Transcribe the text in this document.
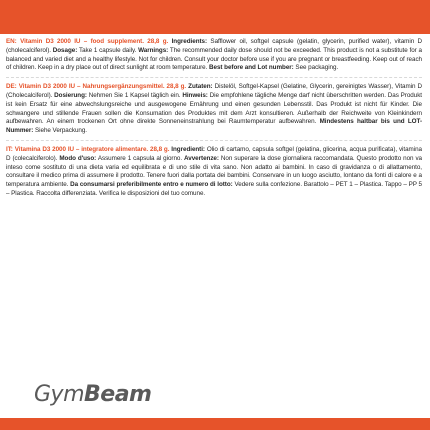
EN: Vitamin D3 2000 IU – food supplement. 28,8 g. Ingredients: Safflower oil, softgel capsule (gelatin, glycerin, purified water), vitamin D (cholecalciferol). Dosage: Take 1 capsule daily. Warnings: The recommended daily dose should not be exceeded. This product is not a substitute for a balanced and varied diet and a healthy lifestyle. Not for children. Consult your doctor before use if you are pregnant or breastfeeding. Keep out of reach of children. Keep in a dry place out of direct sunlight at room temperature. Best before and Lot number: See packaging.
DE: Vitamin D3 2000 IU – Nahrungsergänzungsmittel. 28,8 g. Zutaten: Distelöl, Softgel-Kapsel (Gelatine, Glycerin, gereinigtes Wasser), Vitamin D (Cholecalciferol). Dosierung: Nehmen Sie 1 Kapsel täglich ein. Hinweis: Die empfohlene tägliche Menge darf nicht überschritten werden. Das Produkt ist kein Ersatz für eine abwechslungsreiche und ausgewogene Ernährung und einen gesunden Lebensstil. Das Produkt ist nicht für Kinder. Die schwangere und stillende Frauen sollen die Konsumation des Produktes mit dem Arzt konsultieren. Außerhalb der Reichweite von Kleinkindern aufbewahren. An einem trockenen Ort ohne direkte Sonneneinstrahlung bei Raumtemperatur aufbewahren. Mindestens haltbar bis und LOT-Nummer: Siehe Verpackung.
IT: Vitamina D3 2000 IU – integratore alimentare. 28,8 g. Ingredienti: Olio di cartamo, capsula softgel (gelatina, glicerina, acqua purificata), vitamina D (colecalciferolo). Modo d'uso: Assumere 1 capsula al giorno. Avvertenze: Non superare la dose giornaliera raccomandata. Questo prodotto non va inteso come sostituto di una dieta varia ed equilibrata e di uno stile di vita sano. Non adatto ai bambini. In caso di gravidanza o di allattamento, consultare il medico prima di assumere il prodotto. Tenere fuori dalla portata dei bambini. Conservare in un luogo asciutto, lontano da fonti di calore e a temperatura ambiente. Da consumarsi preferibilmente entro e numero di lotto: Vedere sulla confezione. Barattolo – PET 1 – Plastica. Tappo – PP 5 – Plastica. Raccolta differenziata. Verifica le disposizioni del tuo comune.
GymBeam
